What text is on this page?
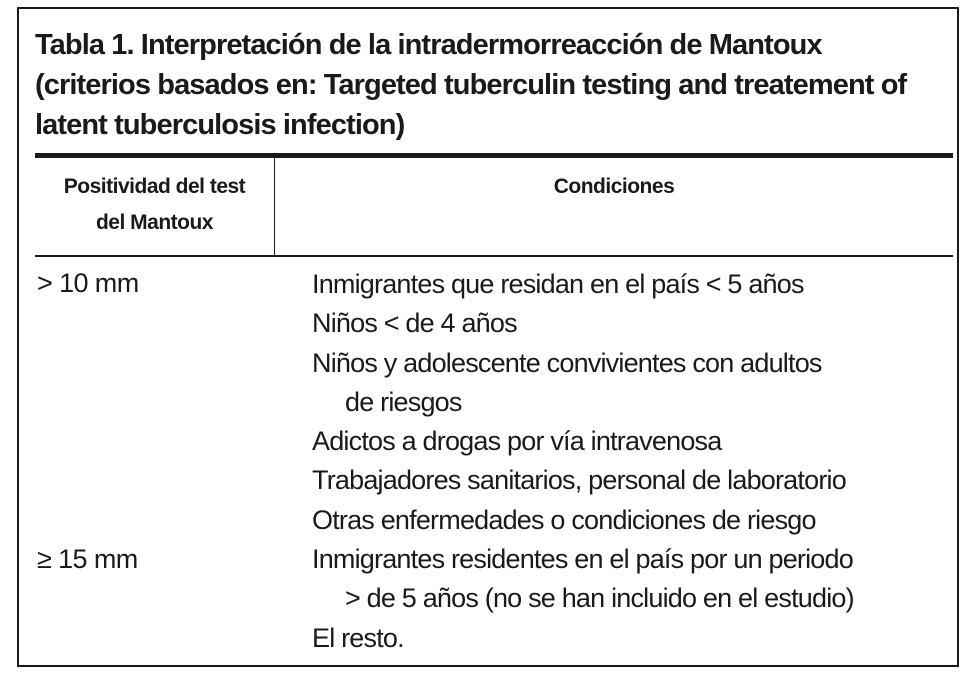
Tabla 1. Interpretación de la intradermorreacción de Mantoux
(criterios basados en: Targeted tuberculin testing and treatement of
latent tuberculosis infection)
Positividad del test
del Mantoux
Condiciones
> 10 mm
≥ 15 mm
Inmigrantes que residan en el país < 5 años
Niños < de 4 años
Niños y adolescente convivientes con adultos
de riesgos
Adictos a drogas por vía intravenosa
Trabajadores sanitarios, personal de laboratorio
Otras enfermedades o condiciones de riesgo
Inmigrantes residentes en el país por un periodo
> de 5 años (no se han incluido en el estudio)
El resto.
